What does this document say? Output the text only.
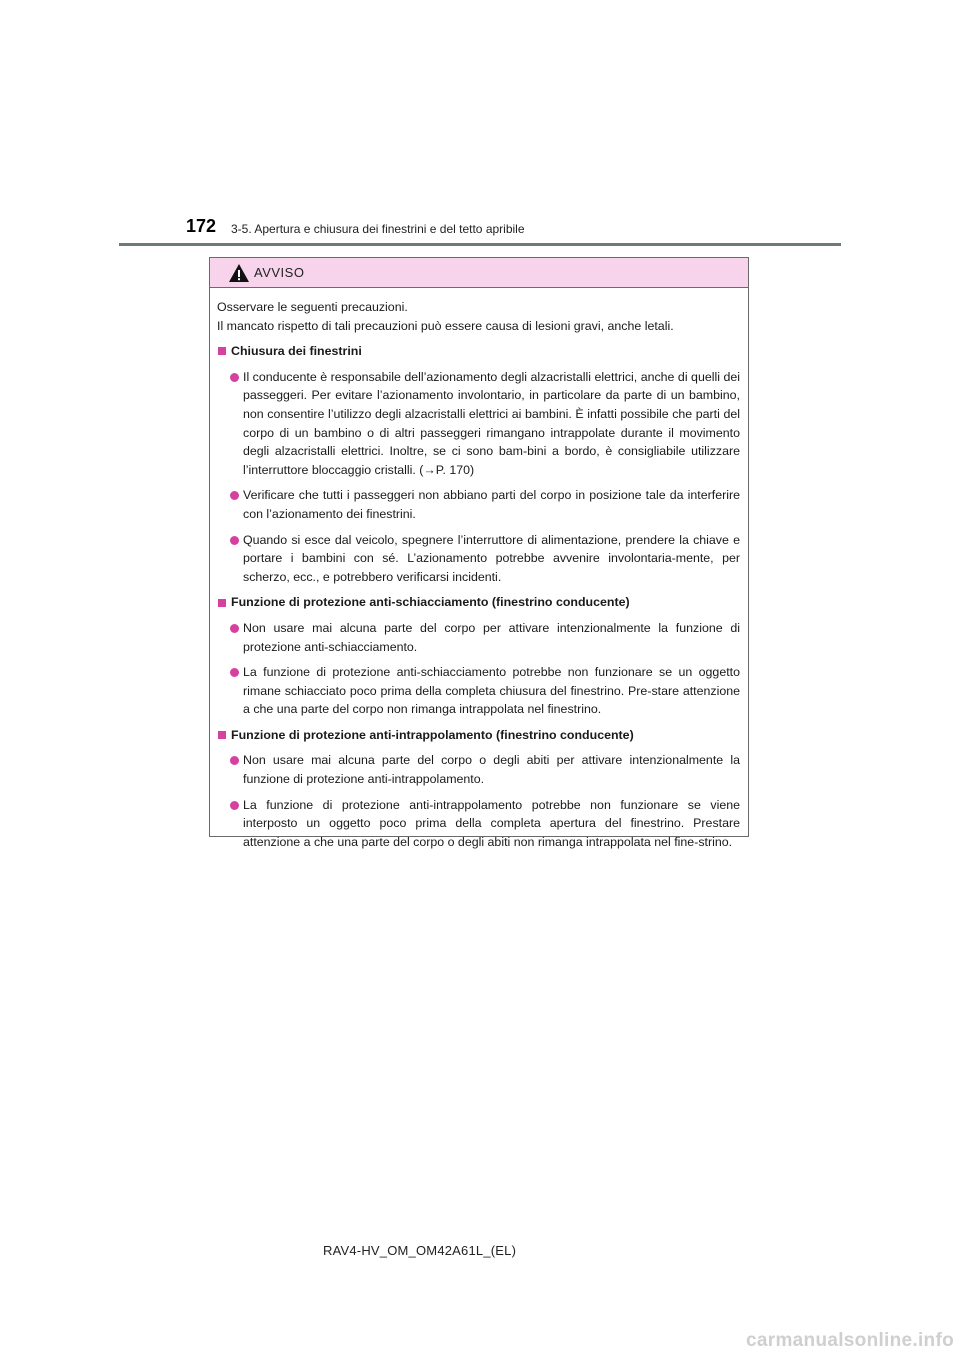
172 3-5. Apertura e chiusura dei finestrini e del tetto apribile
AVVISO

Osservare le seguenti precauzioni.

Il mancato rispetto di tali precauzioni può essere causa di lesioni gravi, anche letali.

Chiusura dei finestrini
Il conducente è responsabile dell’azionamento degli alzacristalli elettrici, anche di quelli dei passeggeri. Per evitare l’azionamento involontario, in particolare da parte di un bambino, non consentire l’utilizzo degli alzacristalli elettrici ai bambini. È infatti possibile che parti del corpo di un bambino o di altri passeggeri rimangano intrappolate durante il movimento degli alzacristalli elettrici. Inoltre, se ci sono bam-bini a bordo, è consigliabile utilizzare l’interruttore bloccaggio cristalli. (→P. 170)
Verificare che tutti i passeggeri non abbiano parti del corpo in posizione tale da interferire con l’azionamento dei finestrini.
Quando si esce dal veicolo, spegnere l’interruttore di alimentazione, prendere la chiave e portare i bambini con sé. L’azionamento potrebbe avvenire involontaria-mente, per scherzo, ecc., e potrebbero verificarsi incidenti.
Funzione di protezione anti-schiacciamento (finestrino conducente)
Non usare mai alcuna parte del corpo per attivare intenzionalmente la funzione di protezione anti-schiacciamento.
La funzione di protezione anti-schiacciamento potrebbe non funzionare se un oggetto rimane schiacciato poco prima della completa chiusura del finestrino. Pre-stare attenzione a che una parte del corpo non rimanga intrappolata nel finestrino.
Funzione di protezione anti-intrappolamento (finestrino conducente)
Non usare mai alcuna parte del corpo o degli abiti per attivare intenzionalmente la funzione di protezione anti-intrappolamento.
La funzione di protezione anti-intrappolamento potrebbe non funzionare se viene interposto un oggetto poco prima della completa apertura del finestrino. Prestare attenzione a che una parte del corpo o degli abiti non rimanga intrappolata nel fine-strino.
RAV4-HV_OM_OM42A61L_(EL)
carmanualsonline.info
